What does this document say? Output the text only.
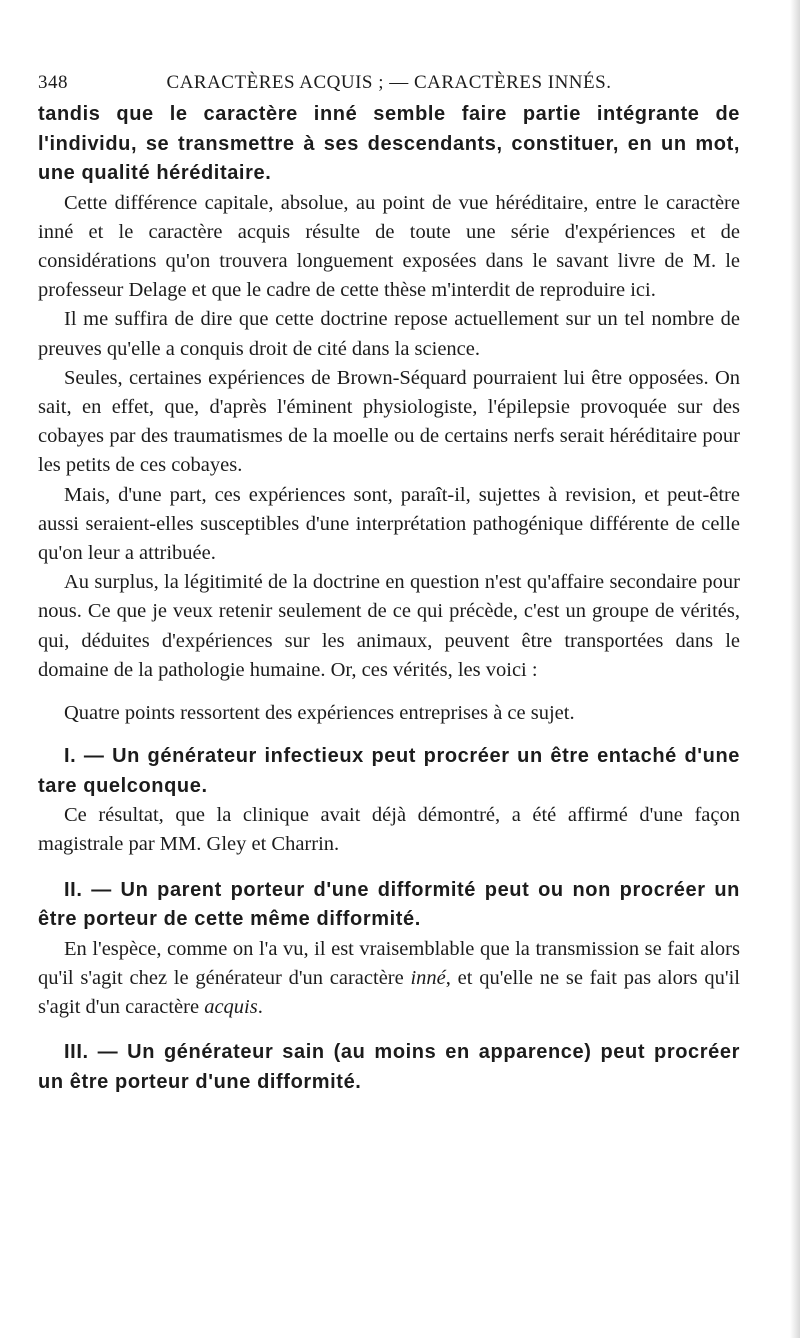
348	CARACTÈRES ACQUIS ; — CARACTÈRES INNÉS.

tandis que le caractère inné semble faire partie intégrante de l'individu, se transmettre à ses descendants, constituer, en un mot, une qualité héréditaire.

Cette différence capitale, absolue, au point de vue héréditaire, entre le caractère inné et le caractère acquis résulte de toute une série d'expériences et de considérations qu'on trouvera longuement exposées dans le savant livre de M. le professeur Delage et que le cadre de cette thèse m'interdit de reproduire ici.

Il me suffira de dire que cette doctrine repose actuellement sur un tel nombre de preuves qu'elle a conquis droit de cité dans la science.

Seules, certaines expériences de Brown-Séquard pourraient lui être opposées. On sait, en effet, que, d'après l'éminent physiologiste, l'épilepsie provoquée sur des cobayes par des traumatismes de la moelle ou de certains nerfs serait héréditaire pour les petits de ces cobayes.

Mais, d'une part, ces expériences sont, paraît-il, sujettes à revision, et peut-être aussi seraient-elles susceptibles d'une interprétation pathogénique différente de celle qu'on leur a attribuée.

Au surplus, la légitimité de la doctrine en question n'est qu'affaire secondaire pour nous. Ce que je veux retenir seulement de ce qui précède, c'est un groupe de vérités, qui, déduites d'expériences sur les animaux, peuvent être transportées dans le domaine de la pathologie humaine. Or, ces vérités, les voici :

Quatre points ressortent des expériences entreprises à ce sujet.

I. — Un générateur infectieux peut procréer un être entaché d'une tare quelconque.

Ce résultat, que la clinique avait déjà démontré, a été affirmé d'une façon magistrale par MM. Gley et Charrin.

II. — Un parent porteur d'une difformité peut ou non procréer un être porteur de cette même difformité.

En l'espèce, comme on l'a vu, il est vraisemblable que la transmission se fait alors qu'il s'agit chez le générateur d'un caractère inné, et qu'elle ne se fait pas alors qu'il s'agit d'un caractère acquis.

III. — Un générateur sain (au moins en apparence) peut procréer un être porteur d'une difformité.
